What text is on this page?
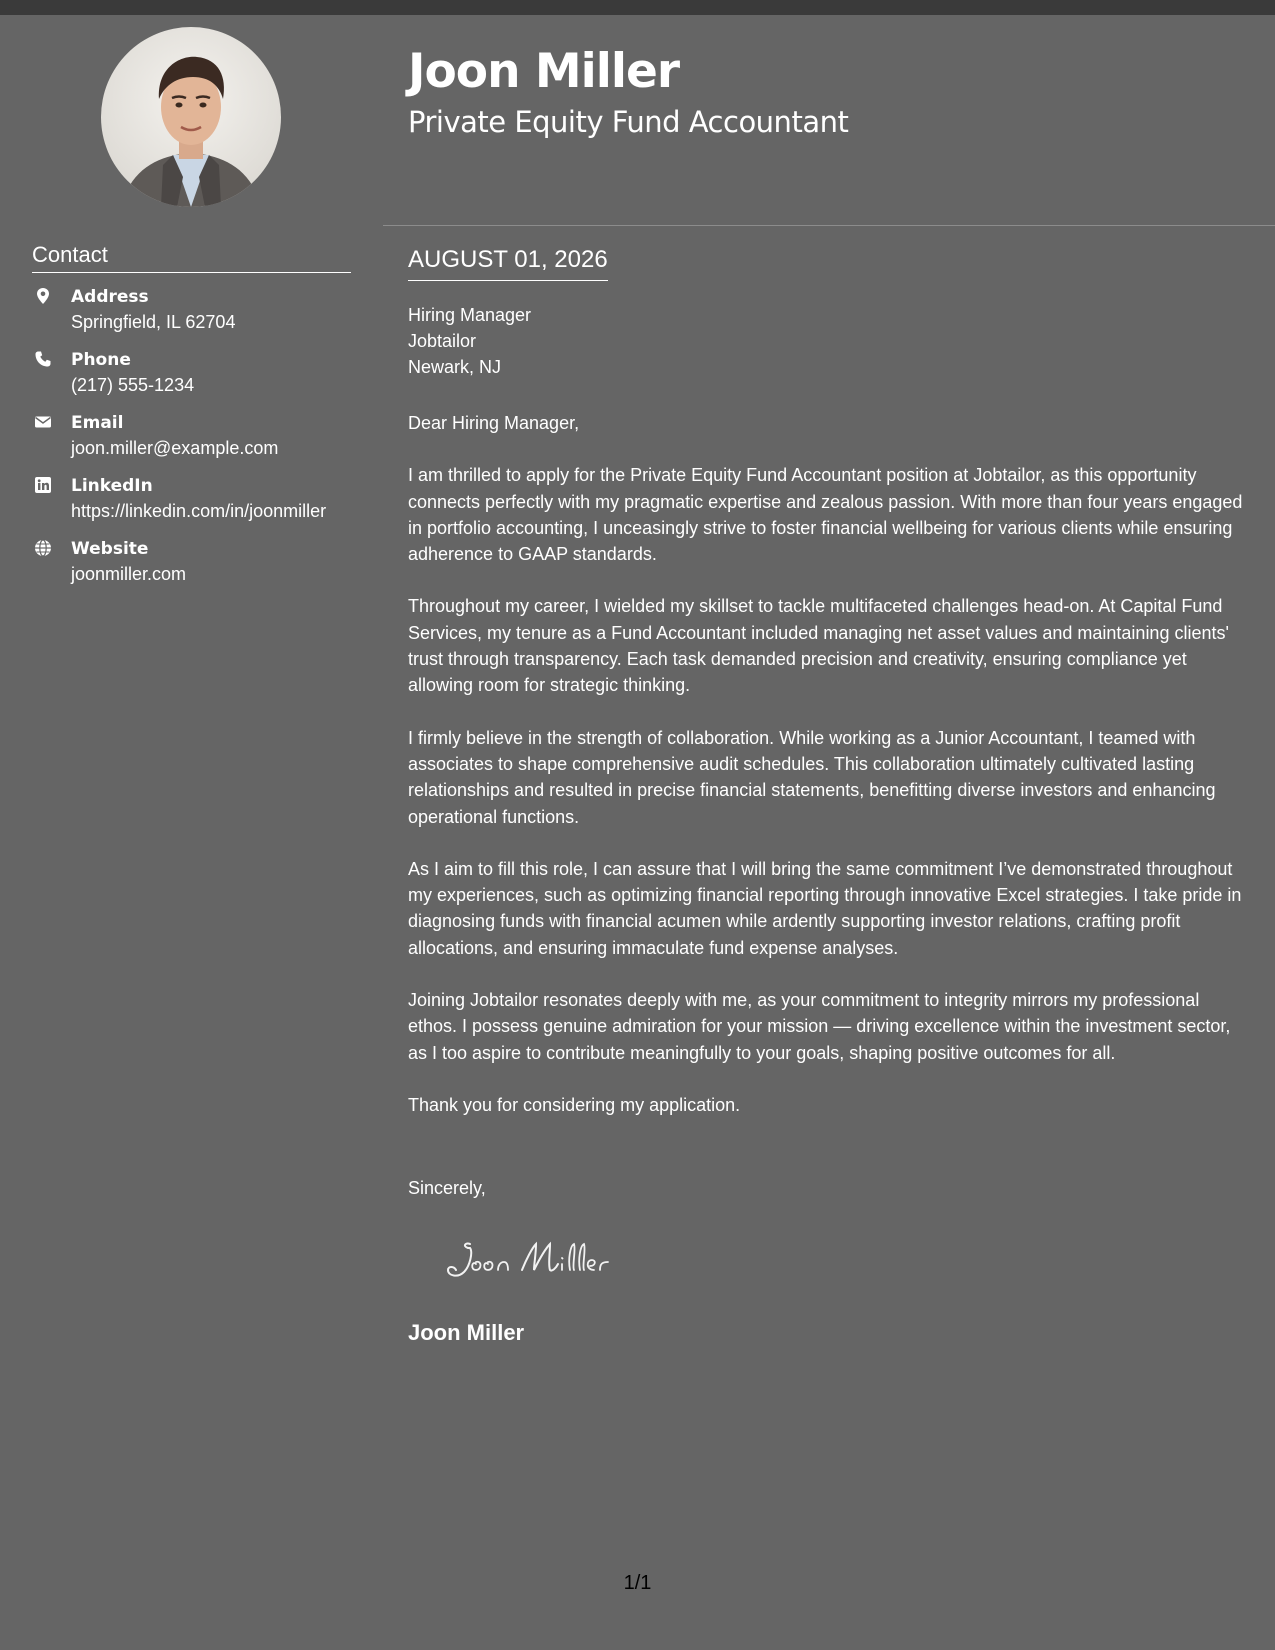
Joon Miller
Private Equity Fund Accountant
Contact
Address
Springfield, IL 62704
Phone
(217) 555-1234
Email
joon.miller@example.com
LinkedIn
https://linkedin.com/in/joonmiller
Website
joonmiller.com
AUGUST 01, 2026
Hiring Manager
Jobtailor
Newark, NJ

Dear Hiring Manager,

I am thrilled to apply for the Private Equity Fund Accountant position at Jobtailor, as this opportunity connects perfectly with my pragmatic expertise and zealous passion. With more than four years engaged in portfolio accounting, I unceasingly strive to foster financial wellbeing for various clients while ensuring adherence to GAAP standards.

Throughout my career, I wielded my skillset to tackle multifaceted challenges head-on. At Capital Fund Services, my tenure as a Fund Accountant included managing net asset values and maintaining clients' trust through transparency. Each task demanded precision and creativity, ensuring compliance yet allowing room for strategic thinking.

I firmly believe in the strength of collaboration. While working as a Junior Accountant, I teamed with associates to shape comprehensive audit schedules. This collaboration ultimately cultivated lasting relationships and resulted in precise financial statements, benefitting diverse investors and enhancing operational functions.

As I aim to fill this role, I can assure that I will bring the same commitment I’ve demonstrated throughout my experiences, such as optimizing financial reporting through innovative Excel strategies. I take pride in diagnosing funds with financial acumen while ardently supporting investor relations, crafting profit allocations, and ensuring immaculate fund expense analyses.

Joining Jobtailor resonates deeply with me, as your commitment to integrity mirrors my professional ethos. I possess genuine admiration for your mission — driving excellence within the investment sector, as I too aspire to contribute meaningfully to your goals, shaping positive outcomes for all.

Thank you for considering my application.

Sincerely,
Joon Miller
1/1
